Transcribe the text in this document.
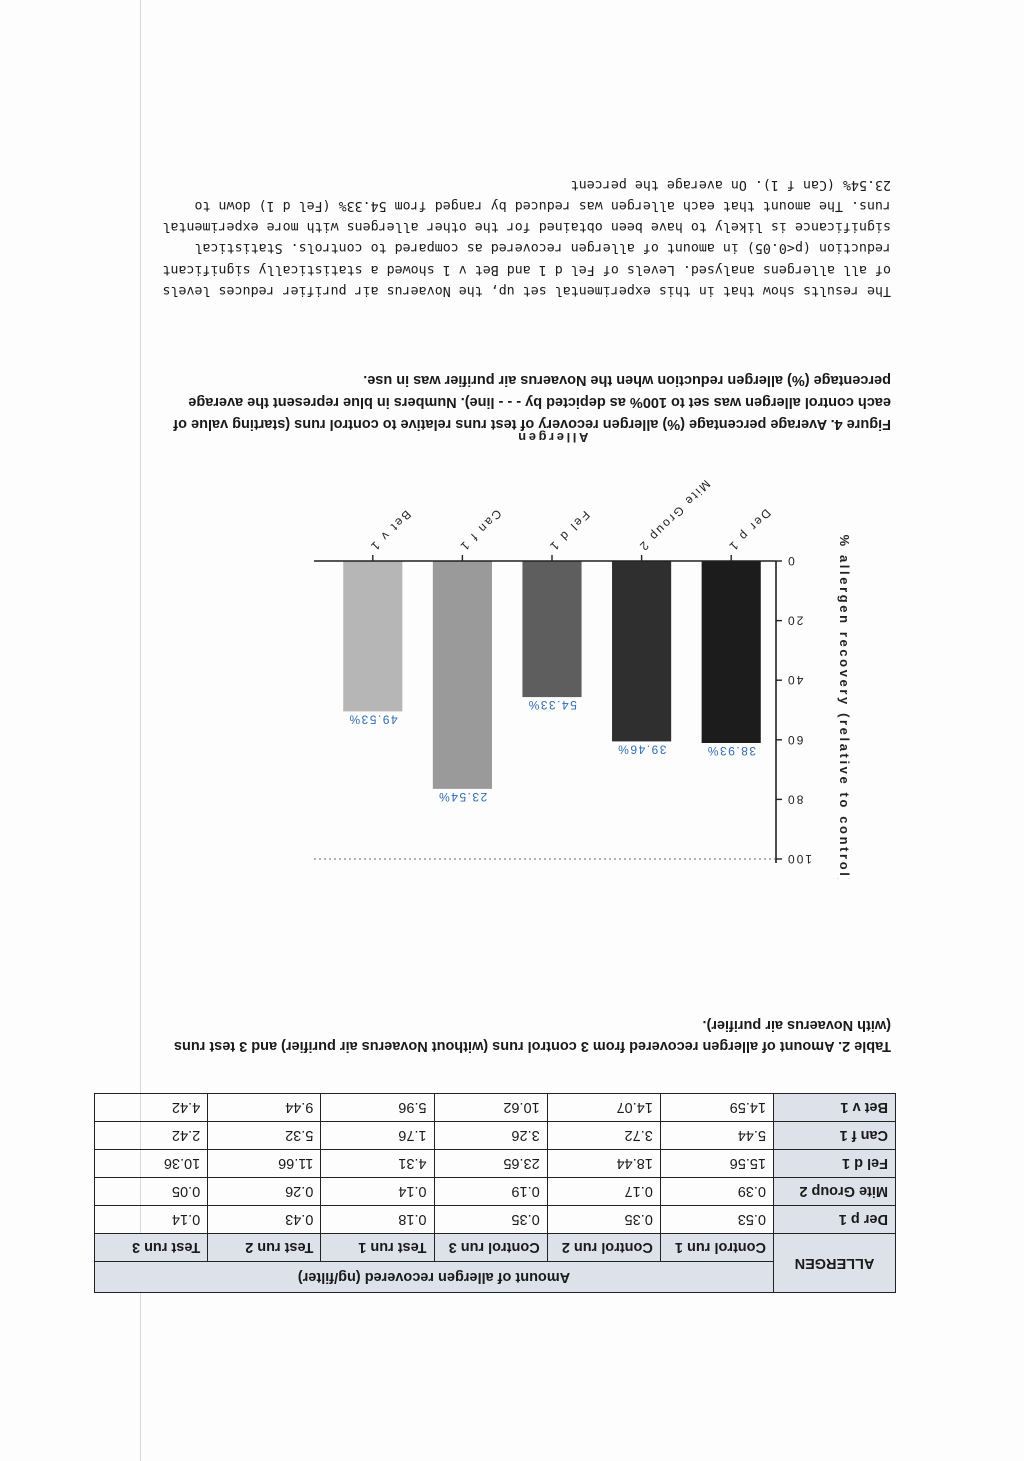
ALLERGEN	Amount of allergen recovered (ng/filter)					
	Control run 1	Control run 2	Control run 3	Test run 1	Test run 2	Test run 3
Der p 1	0.53	0.35	0.35	0.18	0.43	0.14
Mite Group 2	0.39	0.17	0.19	0.14	0.26	0.05
Fel d 1	15.56	18.44	23.65	4.31	11.66	10.36
Can f 1	5.44	3.72	3.26	1.76	5.32	2.42
Bet v 1	14.59	14.07	10.62	5.96	9.44	4.42

Table 2. Amount of allergen recovered from 3 control runs (without Novaerus air purifier) and 3 test runs (with Novaerus air purifier).

38.93%
39.46%
54.33%
23.54%
49.53%
0
20
40
60
80
100
Der p 1
Mite Group 2
Fel d 1
Can f 1
Bet v 1
% allergen recovery (relative to control)
Allergen

Figure 4. Average percentage (%) allergen recovery of test runs relative to control runs (starting value of each control allergen was set to 100% as depicted by - - - line). Numbers in blue represent the average percentage (%) allergen reduction when the Novaerus air purifier was in use.

The results show that in this experimental set up, the Novaerus air purifier reduces levels of all allergens analysed. Levels of Fel d 1 and Bet v 1 showed a statistically significant reduction (p<0.05) in amount of allergen recovered as compared to controls. Statistical significance is likely to have been obtained for the other allergens with more experimental runs. The amount that each allergen was reduced by ranged from 54.33% (Fel d 1) down to 23.54% (Can f 1). On average the percent
